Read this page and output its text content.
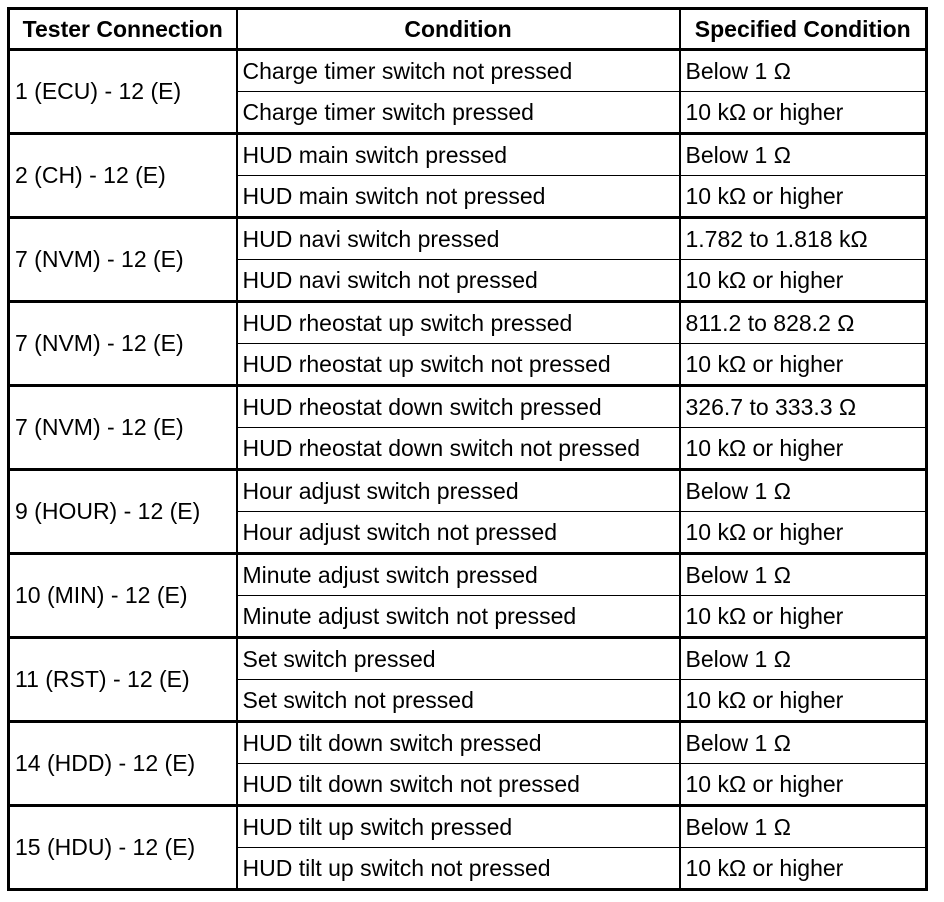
Tester Connection	Condition	Specified Condition
1 (ECU) - 12 (E)	Charge timer switch not pressed	Below 1 Ω
	Charge timer switch pressed	10 kΩ or higher
2 (CH) - 12 (E)	HUD main switch pressed	Below 1 Ω
	HUD main switch not pressed	10 kΩ or higher
7 (NVM) - 12 (E)	HUD navi switch pressed	1.782 to 1.818 kΩ
	HUD navi switch not pressed	10 kΩ or higher
7 (NVM) - 12 (E)	HUD rheostat up switch pressed	811.2 to 828.2 Ω
	HUD rheostat up switch not pressed	10 kΩ or higher
7 (NVM) - 12 (E)	HUD rheostat down switch pressed	326.7 to 333.3 Ω
	HUD rheostat down switch not pressed	10 kΩ or higher
9 (HOUR) - 12 (E)	Hour adjust switch pressed	Below 1 Ω
	Hour adjust switch not pressed	10 kΩ or higher
10 (MIN) - 12 (E)	Minute adjust switch pressed	Below 1 Ω
	Minute adjust switch not pressed	10 kΩ or higher
11 (RST) - 12 (E)	Set switch pressed	Below 1 Ω
	Set switch not pressed	10 kΩ or higher
14 (HDD) - 12 (E)	HUD tilt down switch pressed	Below 1 Ω
	HUD tilt down switch not pressed	10 kΩ or higher
15 (HDU) - 12 (E)	HUD tilt up switch pressed	Below 1 Ω
	HUD tilt up switch not pressed	10 kΩ or higher
